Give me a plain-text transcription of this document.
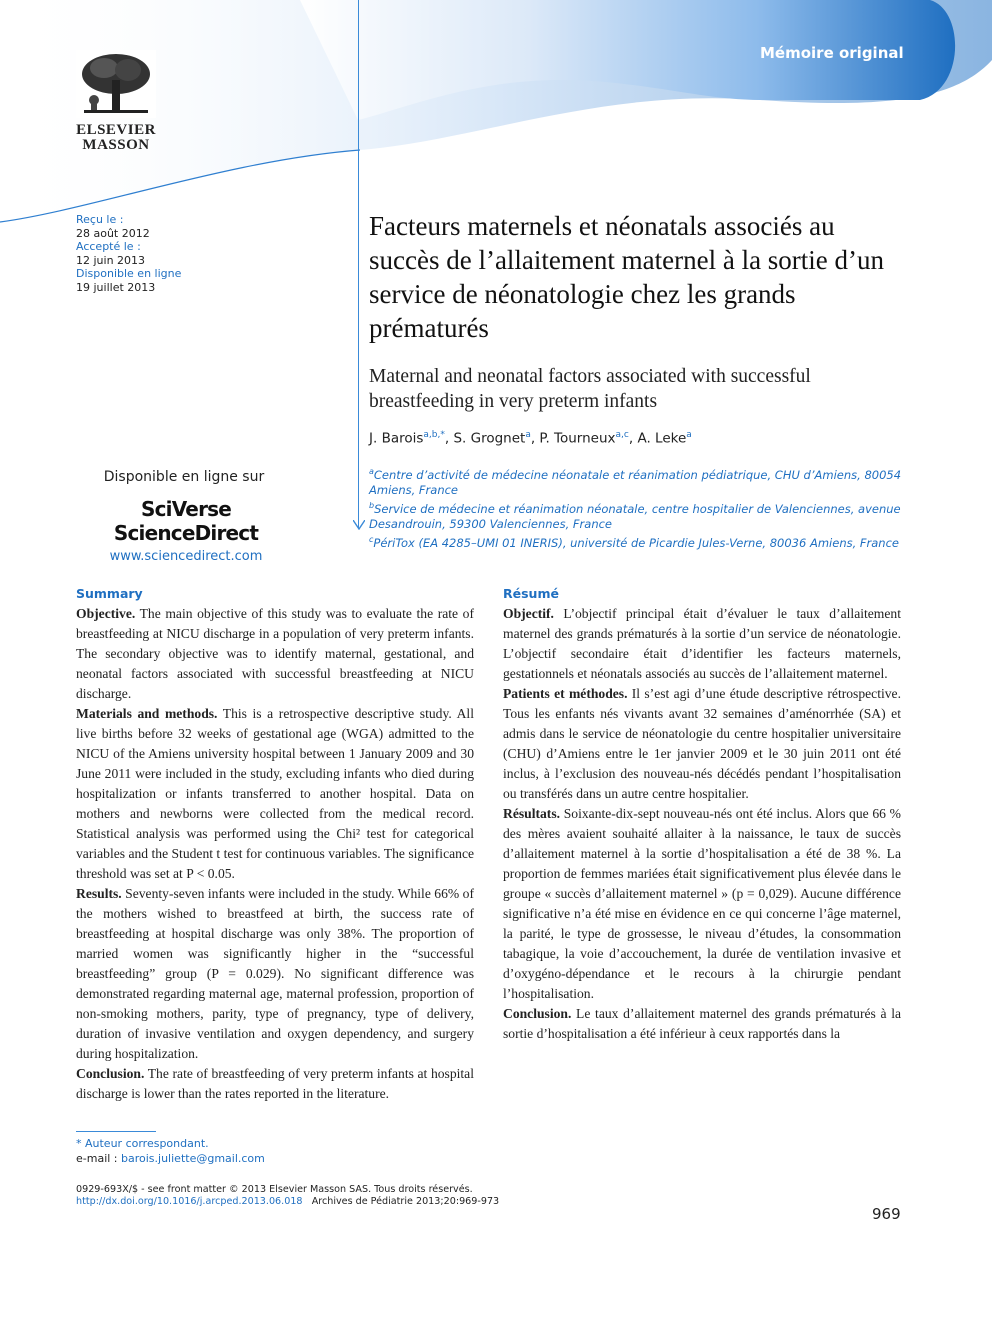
Mémoire original
ELSEVIER
MASSON
Reçu le :
28 août 2012
Accepté le :
12 juin 2013
Disponible en ligne
19 juillet 2013
Facteurs maternels et néonatals associés au succès de l’allaitement maternel à la sortie d’un service de néonatologie chez les grands prématurés
Maternal and neonatal factors associated with successful breastfeeding in very preterm infants
J. Barois$^{a,b,*}$, S. Grognet$^a$, P. Tourneux$^{a,c}$, A. Leke$^a$

$^a$Centre d’activité de médecine néonatale et réanimation pédiatrique, CHU d’Amiens, 80054 Amiens, France

$^b$Service de médecine et réanimation néonatale, centre hospitalier de Valenciennes, avenue Desandrouin, 59300 Valenciennes, France

$^c$PériTox (EA 4285–UMI 01 INERIS), université de Picardie Jules-Verne, 80036 Amiens, France

Disponible en ligne sur
SciVerse ScienceDirect
www.sciencedirect.com
Summary

Objective. The main objective of this study was to evaluate the rate of breastfeeding at NICU discharge in a population of very preterm infants. The secondary objective was to identify maternal, gestational, and neonatal factors associated with successful breastfeeding at NICU discharge.

Materials and methods. This is a retrospective descriptive study. All live births before 32 weeks of gestational age (WGA) admitted to the NICU of the Amiens university hospital between 1 January 2009 and 30 June 2011 were included in the study, excluding infants who died during hospitalization or infants transferred to another hospital. Data on mothers and newborns were collected from the medical record. Statistical analysis was performed using the Chi² test for categorical variables and the Student t test for continuous variables. The significance threshold was set at P < 0.05.

Results. Seventy-seven infants were included in the study. While 66% of the mothers wished to breastfeed at birth, the success rate of breastfeeding at hospital discharge was only 38%. The proportion of married women was significantly higher in the “successful breastfeeding” group (P = 0.029). No significant difference was demonstrated regarding maternal age, maternal profession, proportion of non-smoking mothers, parity, type of pregnancy, type of delivery, duration of invasive ventilation and oxygen dependency, and surgery during hospitalization.

Conclusion. The rate of breastfeeding of very preterm infants at hospital discharge is lower than the rates reported in the literature.

Résumé

Objectif. L’objectif principal était d’évaluer le taux d’allaitement maternel des grands prématurés à la sortie d’un service de néonatologie. L’objectif secondaire était d’identifier les facteurs maternels, gestationnels et néonatals associés au succès de l’allaitement maternel.

Patients et méthodes. Il s’est agi d’une étude descriptive rétrospective. Tous les enfants nés vivants avant 32 semaines d’aménorrhée (SA) et admis dans le service de néonatologie du centre hospitalier universitaire (CHU) d’Amiens entre le 1er janvier 2009 et le 30 juin 2011 ont été inclus, à l’exclusion des nouveau-nés décédés pendant l’hospitalisation ou transférés dans un autre centre hospitalier.

Résultats. Soixante-dix-sept nouveau-nés ont été inclus. Alors que 66 % des mères avaient souhaité allaiter à la naissance, le taux de succès d’allaitement maternel à la sortie d’hospitalisation a été de 38 %. La proportion de femmes mariées était significativement plus élevée dans le groupe « succès d’allaitement maternel » (p = 0,029). Aucune différence significative n’a été mise en évidence en ce qui concerne l’âge maternel, la parité, le type de grossesse, le niveau d’études, la consommation tabagique, la voie d’accouchement, la durée de ventilation invasive et d’oxygéno-dépendance et le recours à la chirurgie pendant l’hospitalisation.

Conclusion. Le taux d’allaitement maternel des grands prématurés à la sortie d’hospitalisation a été inférieur à ceux rapportés dans la

* Auteur correspondant.
e-mail : barois.juliette@gmail.com
0929-693X/$ - see front matter © 2013 Elsevier Masson SAS. Tous droits réservés.
http://dx.doi.org/10.1016/j.arcped.2013.06.018 Archives de Pédiatrie 2013;20:969-973
969
